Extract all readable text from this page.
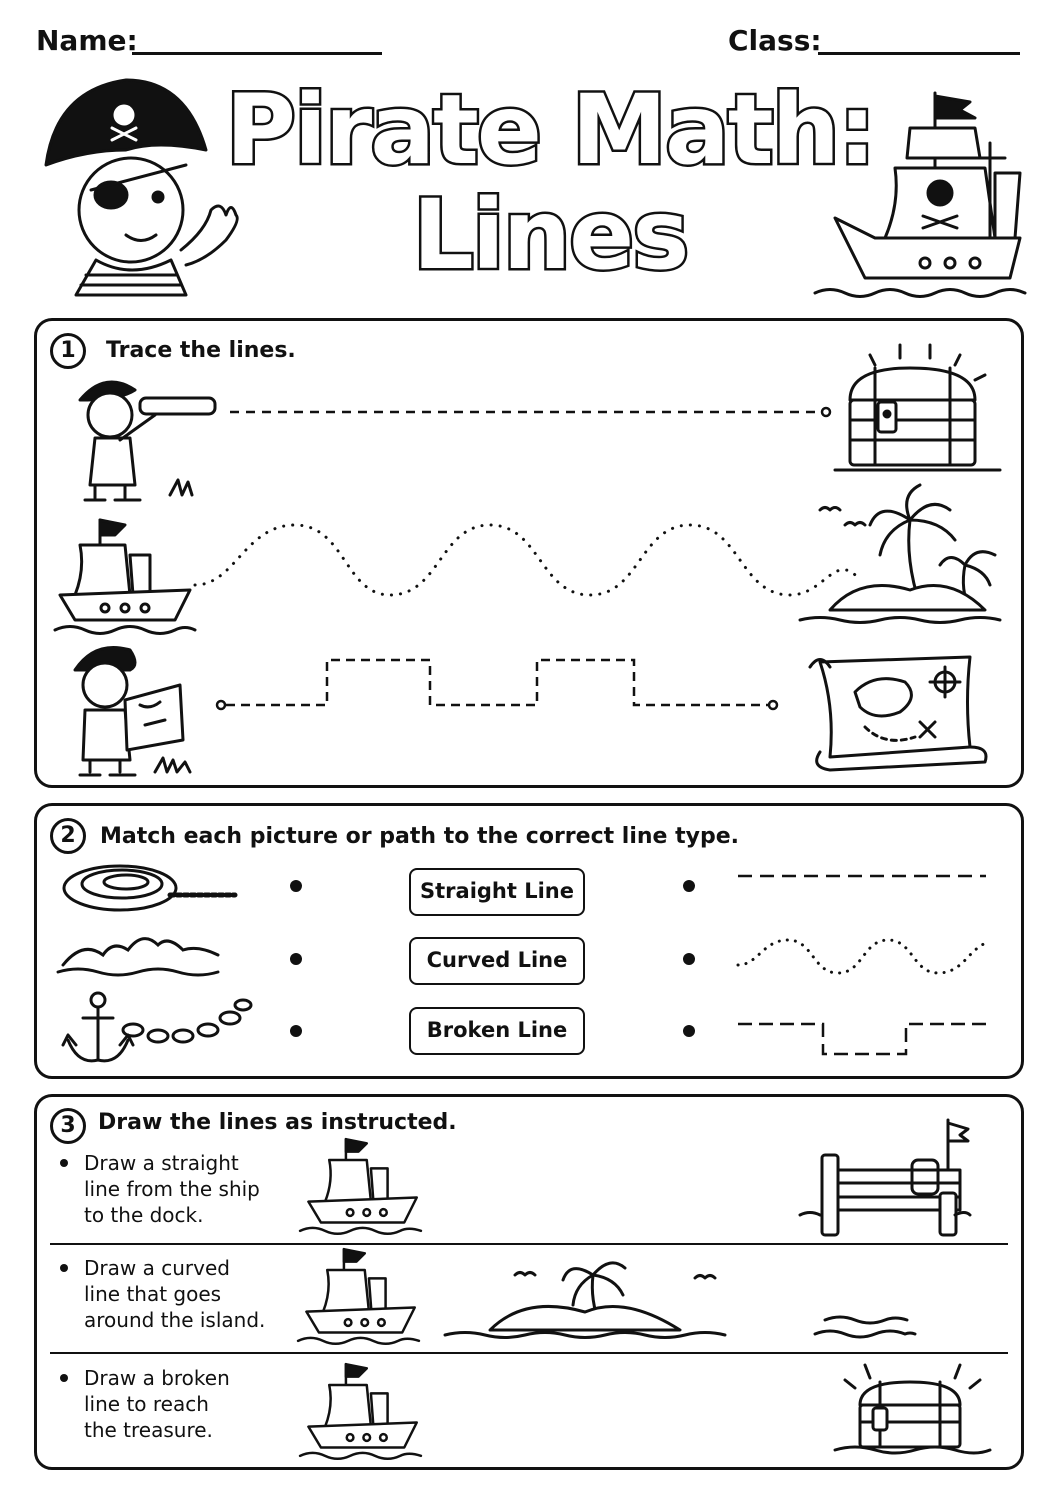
Name:	Class:
Pirate Math:
Lines
1	Trace the lines.
2	Match each picture or path to the correct line type.
Straight Line
Curved Line
Broken Line
3	Draw the lines as instructed.
Draw a straight
line from the ship
to the dock.
Draw a curved
line that goes
around the island.
Draw a broken
line to reach
the treasure.
